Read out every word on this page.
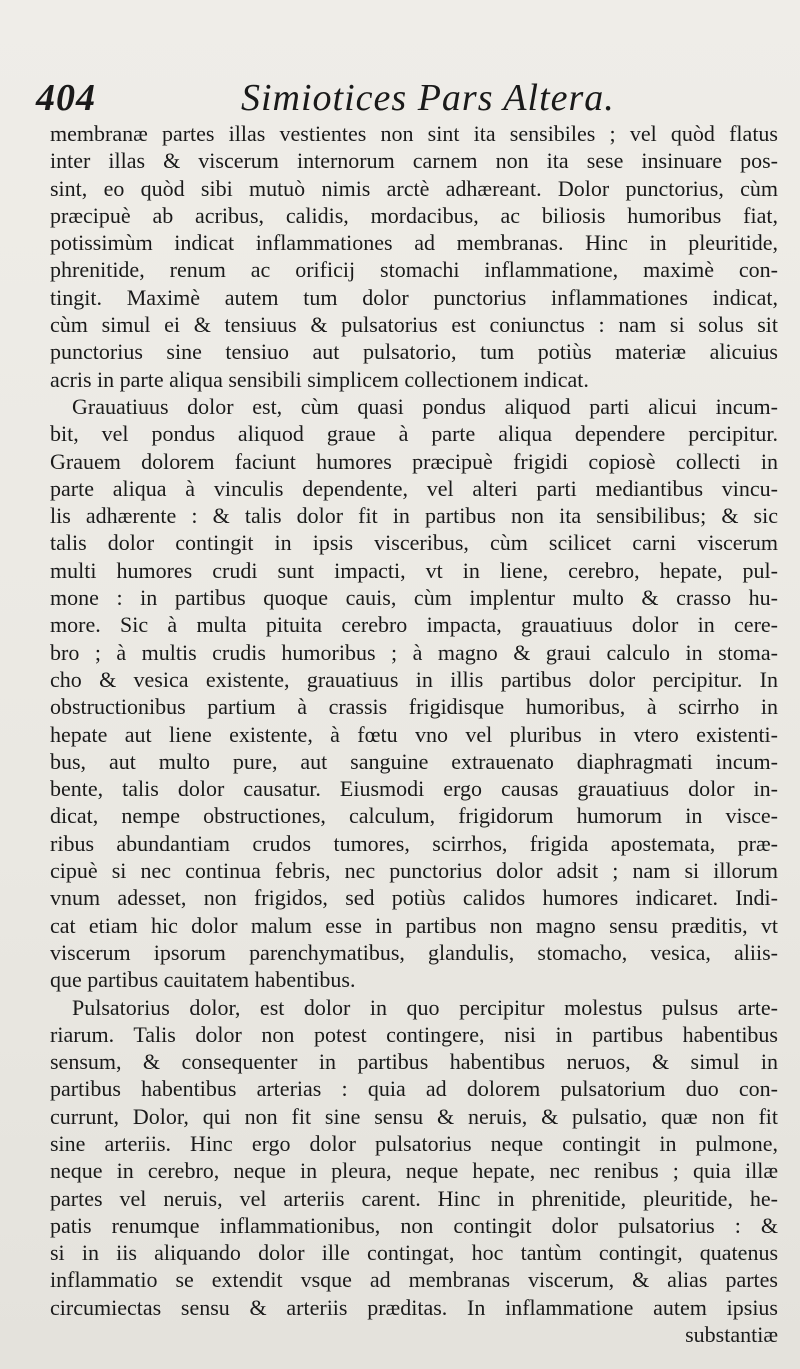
404	Simiotices Pars Altera.
membranæ partes illas vestientes non sint ita sensibiles ; vel quòd flatus
inter illas & viscerum internorum carnem non ita sese insinuare pos-
sint, eo quòd sibi mutuò nimis arctè adhæreant. Dolor punctorius, cùm
præcipuè ab acribus, calidis, mordacibus, ac biliosis humoribus fiat,
potissimùm indicat inflammationes ad membranas. Hinc in pleuritide,
phrenitide, renum ac orificij stomachi inflammatione, maximè con-
tingit. Maximè autem tum dolor punctorius inflammationes indicat,
cùm simul ei & tensiuus & pulsatorius est coniunctus : nam si solus sit
punctorius sine tensiuo aut pulsatorio, tum potiùs materiæ alicuius
acris in parte aliqua sensibili simplicem collectionem indicat.
Grauatiuus dolor est, cùm quasi pondus aliquod parti alicui incum-
bit, vel pondus aliquod graue à parte aliqua dependere percipitur.
Grauem dolorem faciunt humores præcipuè frigidi copiosè collecti in
parte aliqua à vinculis dependente, vel alteri parti mediantibus vincu-
lis adhærente : & talis dolor fit in partibus non ita sensibilibus; & sic
talis dolor contingit in ipsis visceribus, cùm scilicet carni viscerum
multi humores crudi sunt impacti, vt in liene, cerebro, hepate, pul-
mone : in partibus quoque cauis, cùm implentur multo & crasso hu-
more. Sic à multa pituita cerebro impacta, grauatiuus dolor in cere-
bro ; à multis crudis humoribus ; à magno & graui calculo in stoma-
cho & vesica existente, grauatiuus in illis partibus dolor percipitur. In
obstructionibus partium à crassis frigidisque humoribus, à scirrho in
hepate aut liene existente, à fœtu vno vel pluribus in vtero existenti-
bus, aut multo pure, aut sanguine extrauenato diaphragmati incum-
bente, talis dolor causatur. Eiusmodi ergo causas grauatiuus dolor in-
dicat, nempe obstructiones, calculum, frigidorum humorum in visce-
ribus abundantiam crudos tumores, scirrhos, frigida apostemata, præ-
cipuè si nec continua febris, nec punctorius dolor adsit ; nam si illorum
vnum adesset, non frigidos, sed potiùs calidos humores indicaret. Indi-
cat etiam hic dolor malum esse in partibus non magno sensu præditis, vt
viscerum ipsorum parenchymatibus, glandulis, stomacho, vesica, aliis-
que partibus cauitatem habentibus.
Pulsatorius dolor, est dolor in quo percipitur molestus pulsus arte-
riarum. Talis dolor non potest contingere, nisi in partibus habentibus
sensum, & consequenter in partibus habentibus neruos, & simul in
partibus habentibus arterias : quia ad dolorem pulsatorium duo con-
currunt, Dolor, qui non fit sine sensu & neruis, & pulsatio, quæ non fit
sine arteriis. Hinc ergo dolor pulsatorius neque contingit in pulmone,
neque in cerebro, neque in pleura, neque hepate, nec renibus ; quia illæ
partes vel neruis, vel arteriis carent. Hinc in phrenitide, pleuritide, he-
patis renumque inflammationibus, non contingit dolor pulsatorius : &
si in iis aliquando dolor ille contingat, hoc tantùm contingit, quatenus
inflammatio se extendit vsque ad membranas viscerum, & alias partes
circumiectas sensu & arteriis præditas. In inflammatione autem ipsius
substantiæ
